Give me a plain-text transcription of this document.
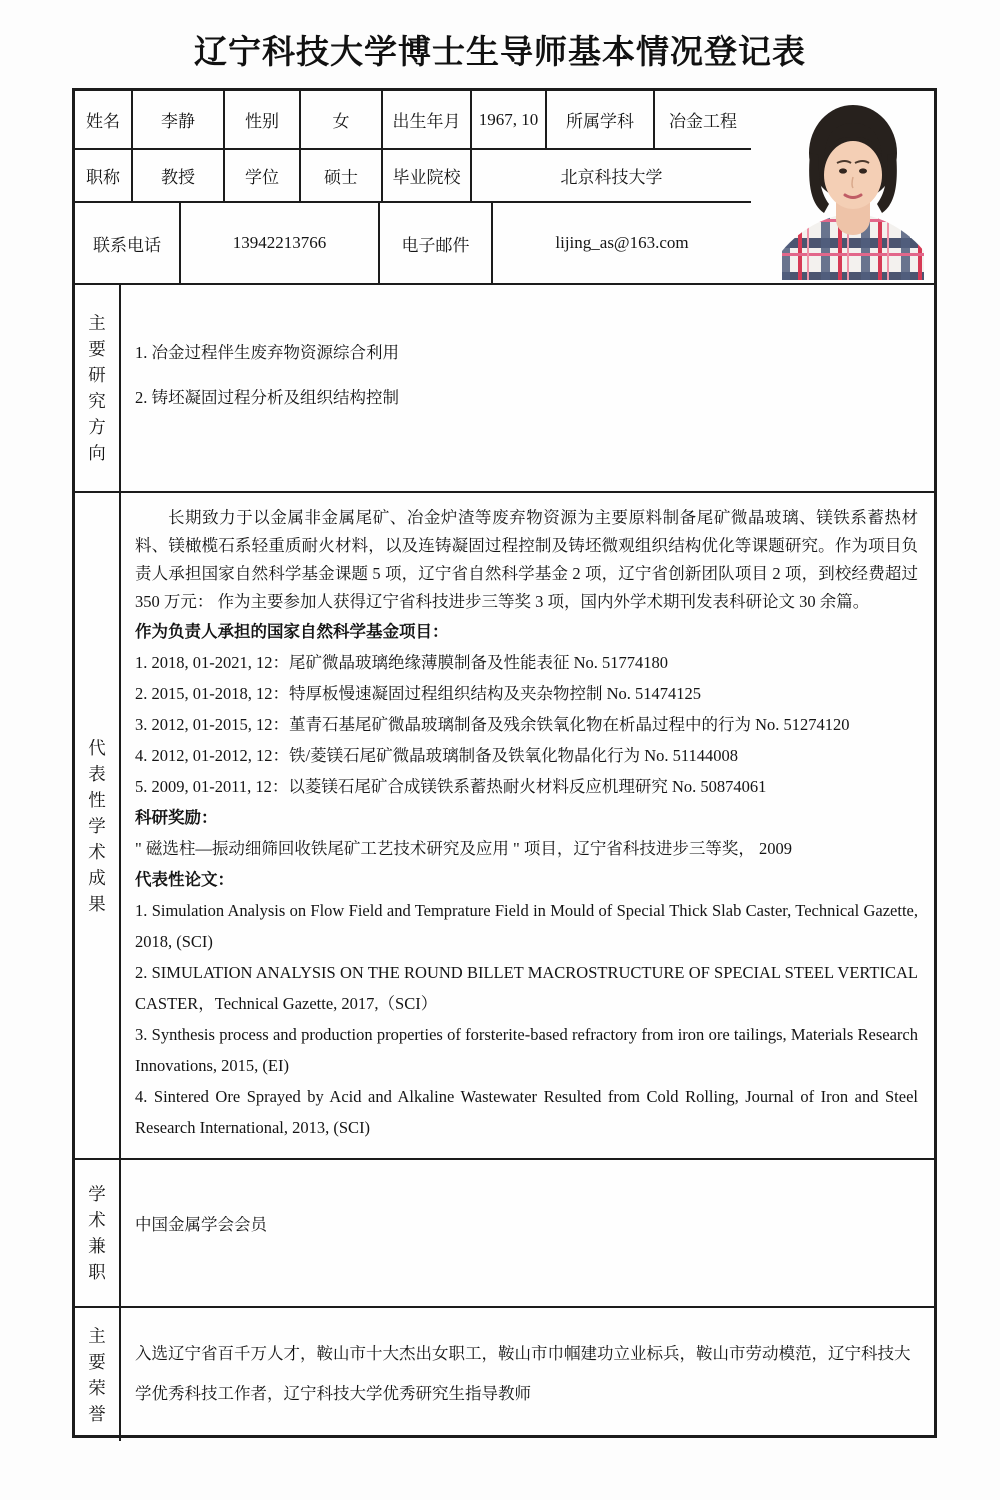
辽宁科技大学博士生导师基本情况登记表
姓名	李静	性别	女	出生年月	1967, 10	所属学科	冶金工程
职称	教授	学位	硕士	毕业院校	北京科技大学
联系电话	13942213766	电子邮件	lijing_as@163.com
主要研究方向
1. 冶金过程伴生废弃物资源综合利用
2. 铸坯凝固过程分析及组织结构控制
代表性学术成果
长期致力于以金属非金属尾矿、冶金炉渣等废弃物资源为主要原料制备尾矿微晶玻璃、镁铁系蓄热材料、镁橄榄石系轻重质耐火材料，以及连铸凝固过程控制及铸坯微观组织结构优化等课题研究。作为项目负责人承担国家自然科学基金课题 5 项，辽宁省自然科学基金 2 项，辽宁省创新团队项目 2 项，到校经费超过 350 万元： 作为主要参加人获得辽宁省科技进步三等奖 3 项，国内外学术期刊发表科研论文 30 余篇。
作为负责人承担的国家自然科学基金项目：
1. 2018, 01-2021, 12：尾矿微晶玻璃绝缘薄膜制备及性能表征 No. 51774180
2. 2015, 01-2018, 12：特厚板慢速凝固过程组织结构及夹杂物控制 No. 51474125
3. 2012, 01-2015, 12：堇青石基尾矿微晶玻璃制备及残余铁氧化物在析晶过程中的行为 No. 51274120
4. 2012, 01-2012, 12：铁/菱镁石尾矿微晶玻璃制备及铁氧化物晶化行为 No. 51144008
5. 2009, 01-2011, 12：以菱镁石尾矿合成镁铁系蓄热耐火材料反应机理研究 No. 50874061
科研奖励：
" 磁选柱—振动细筛回收铁尾矿工艺技术研究及应用 " 项目，辽宁省科技进步三等奖， 2009
代表性论文：
1. Simulation Analysis on Flow Field and Temprature Field in Mould of Special Thick Slab Caster, Technical Gazette, 2018, (SCI)
2. SIMULATION ANALYSIS ON THE ROUND BILLET MACROSTRUCTURE OF SPECIAL STEEL VERTICAL CASTER，Technical Gazette, 2017,（SCI）
3. Synthesis process and production properties of forsterite-based refractory from iron ore tailings, Materials Research Innovations, 2015, (EI)
4. Sintered Ore Sprayed by Acid and Alkaline Wastewater Resulted from Cold Rolling, Journal of Iron and Steel Research International, 2013, (SCI)
学术兼职
中国金属学会会员
主要荣誉
入选辽宁省百千万人才，鞍山市十大杰出女职工，鞍山市巾帼建功立业标兵，鞍山市劳动模范，辽宁科技大学优秀科技工作者，辽宁科技大学优秀研究生指导教师
